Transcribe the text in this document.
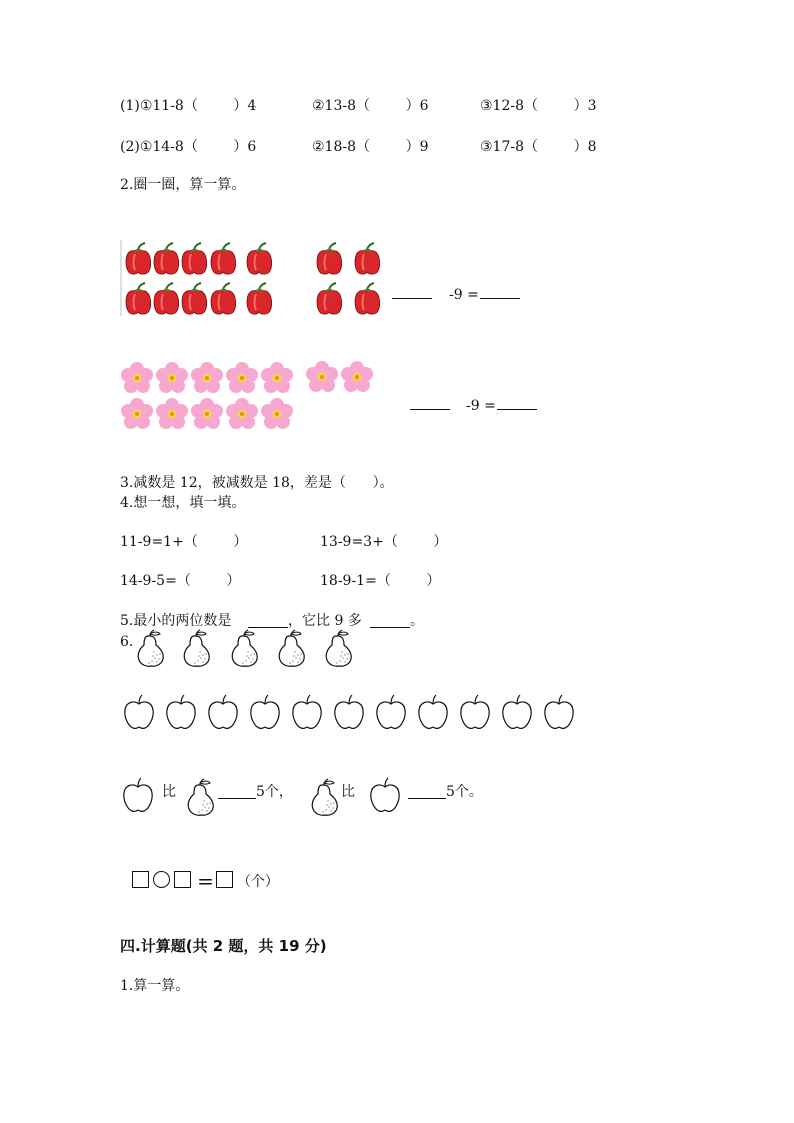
(1)①11-8（        ）4	②13-8（        ）6	③12-8（        ）3
(2)①14-8（        ）6	②18-8（        ）9	③17-8（        ）8
2.圈一圈，算一算。
-9 =
-9 =
3.减数是 12，被减数是 18，差是（      ）。
4.想一想，填一填。
11-9=1+（        ）	13-9=3+（        ）
14-9-5=（        ）	18-9-1=（        ）
5.最小的两位数是	，它比 9 多	。
6.
比	5个，	比	5个。

= （个）

四.计算题(共 2 题，共 19 分)
1.算一算。
